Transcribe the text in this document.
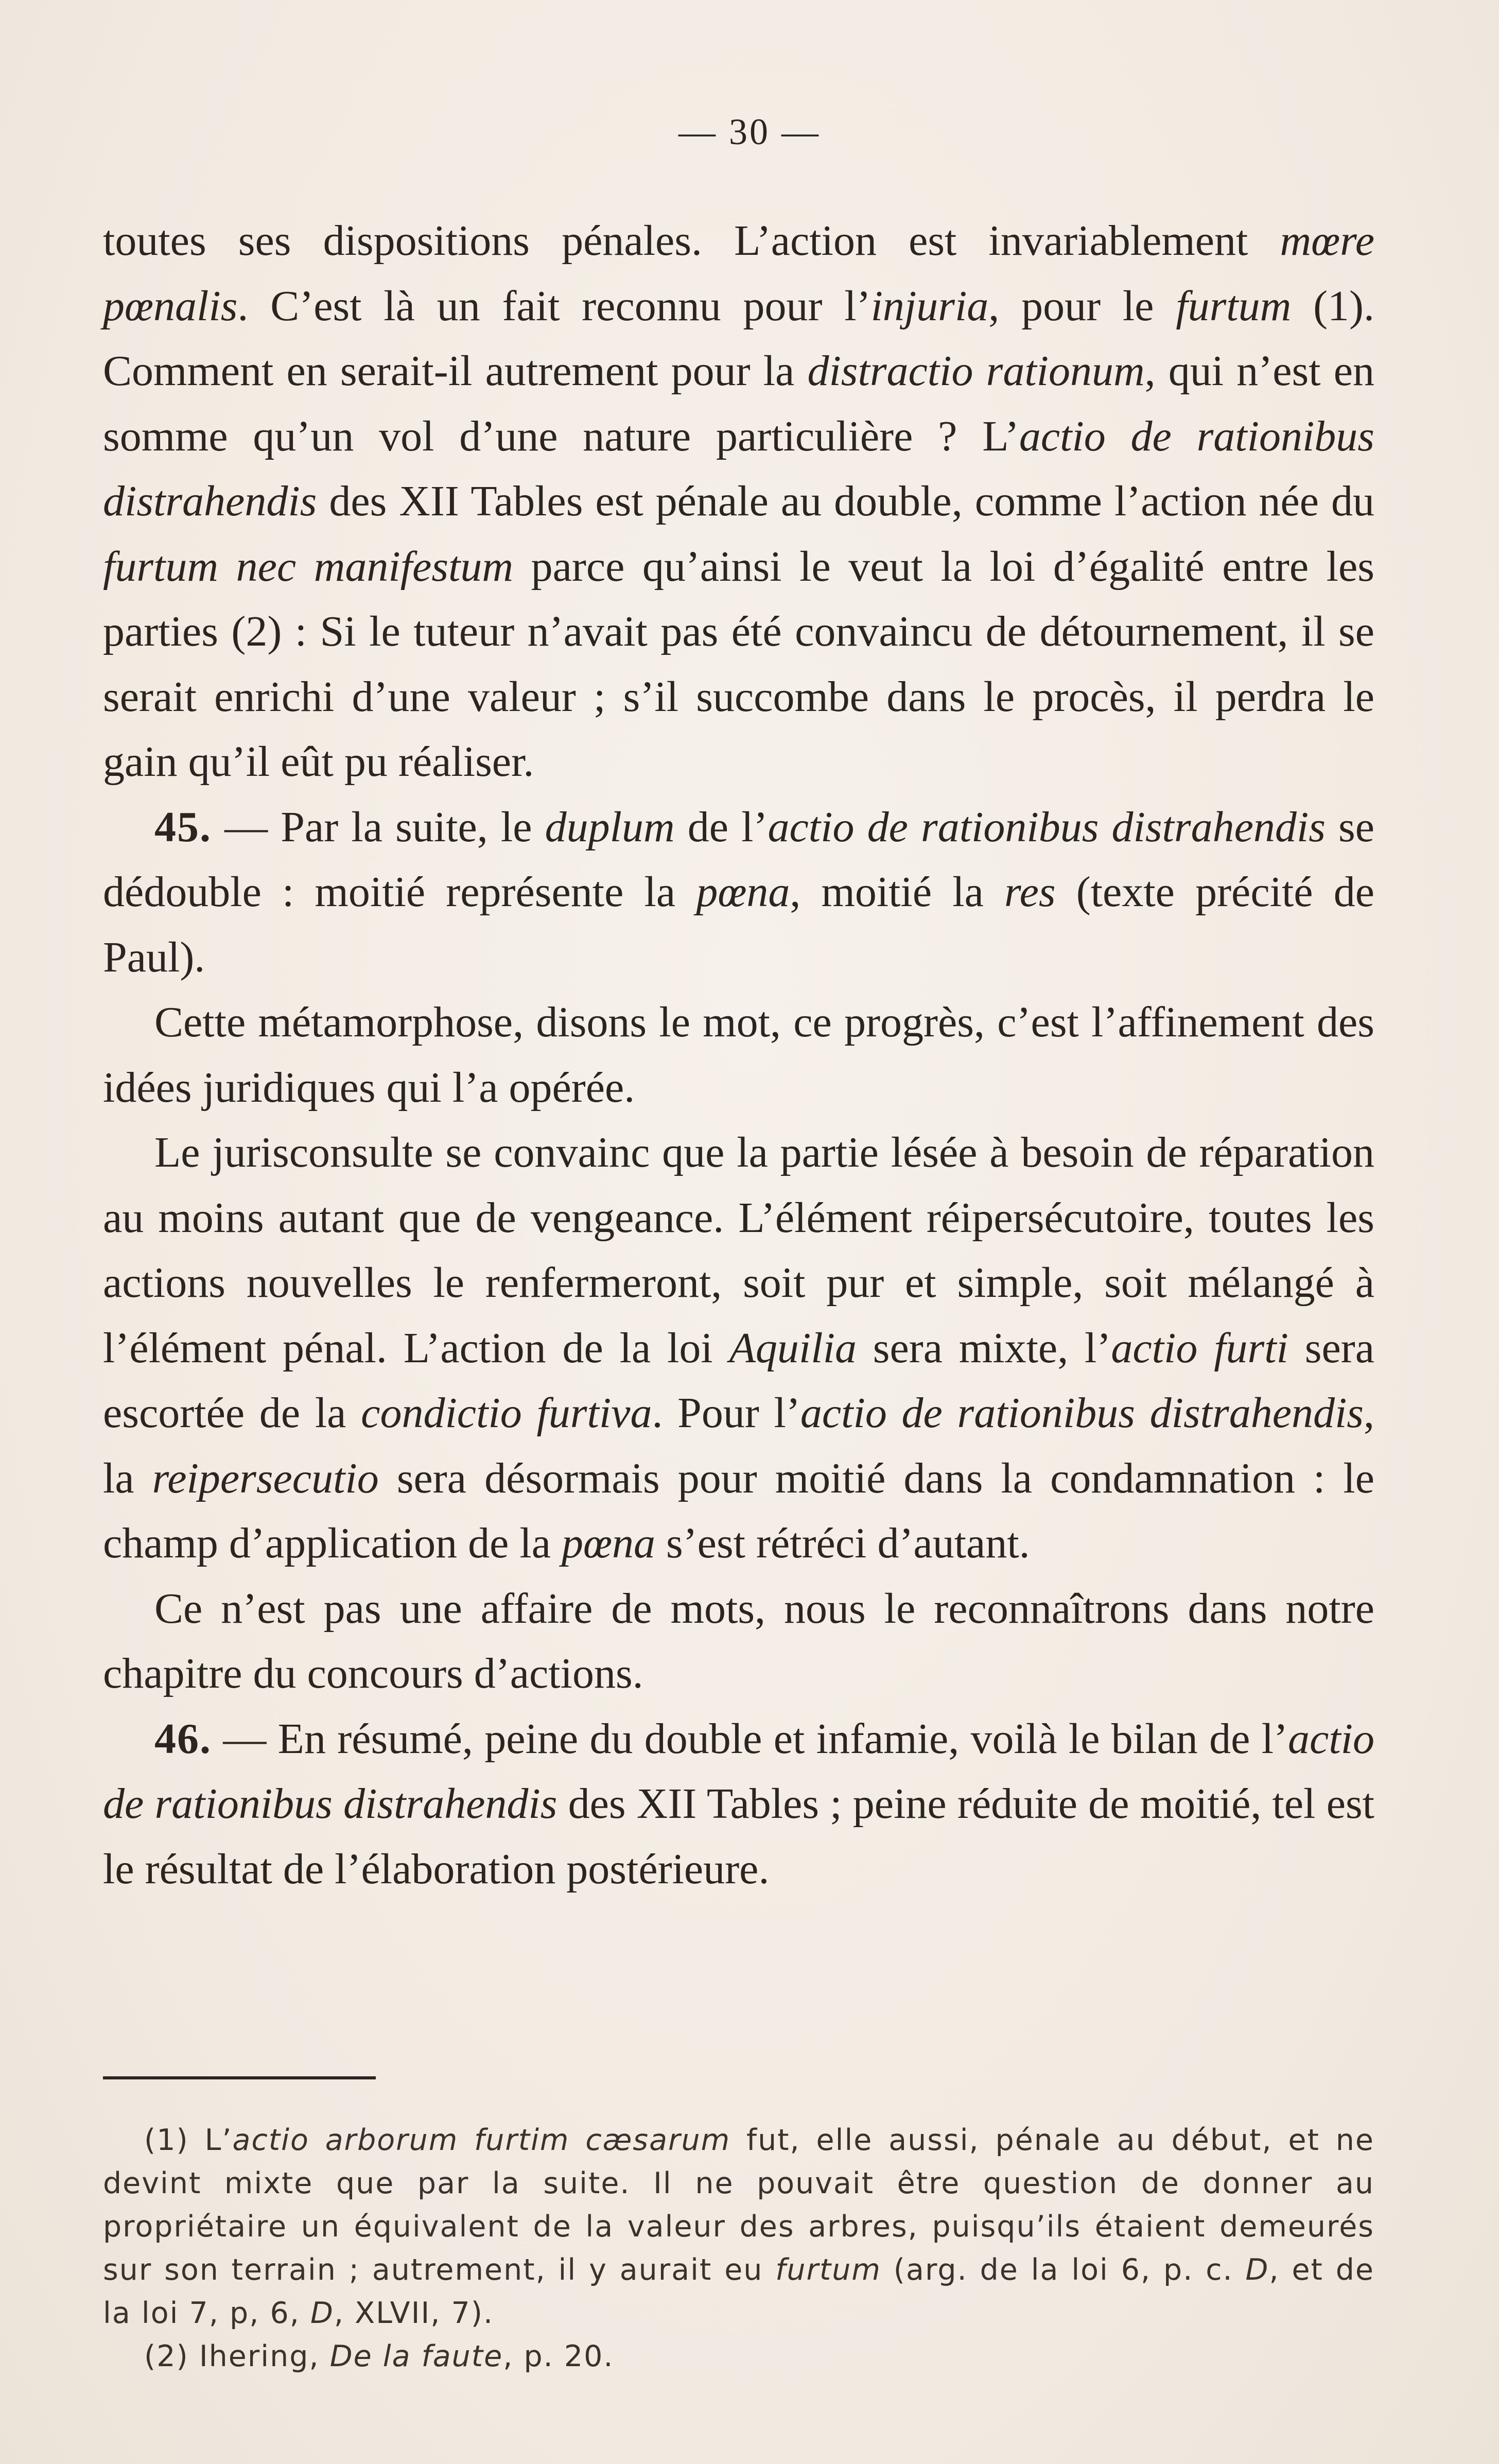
— 30 —

toutes ses dispositions pénales. L’action est invariablement mœre pœnalis. C’est là un fait reconnu pour l’injuria, pour le furtum (1). Comment en serait-il autrement pour la distractio rationum, qui n’est en somme qu’un vol d’une nature particulière ? L’actio de rationibus distrahendis des XII Tables est pénale au double, comme l’action née du furtum nec manifestum parce qu’ainsi le veut la loi d’égalité entre les parties (2) : Si le tuteur n’avait pas été convaincu de détournement, il se serait enrichi d’une valeur ; s’il succombe dans le procès, il perdra le gain qu’il eût pu réaliser.

45. — Par la suite, le duplum de l’actio de rationibus distrahendis se dédouble : moitié représente la pœna, moitié la res (texte précité de Paul).

Cette métamorphose, disons le mot, ce progrès, c’est l’affinement des idées juridiques qui l’a opérée.

Le jurisconsulte se convainc que la partie lésée à besoin de réparation au moins autant que de vengeance. L’élément réipersécutoire, toutes les actions nouvelles le renfermeront, soit pur et simple, soit mélangé à l’élément pénal. L’action de la loi Aquilia sera mixte, l’actio furti sera escortée de la condictio furtiva. Pour l’actio de rationibus distrahendis, la reipersecutio sera désormais pour moitié dans la condamnation : le champ d’application de la pœna s’est rétréci d’autant.

Ce n’est pas une affaire de mots, nous le reconnaîtrons dans notre chapitre du concours d’actions.

46. — En résumé, peine du double et infamie, voilà le bilan de l’actio de rationibus distrahendis des XII Tables ; peine réduite de moitié, tel est le résultat de l’élaboration postérieure.

(1) L’actio arborum furtim cæsarum fut, elle aussi, pénale au début, et ne devint mixte que par la suite. Il ne pouvait être question de donner au propriétaire un équivalent de la valeur des arbres, puisqu’ils étaient demeurés sur son terrain ; autrement, il y aurait eu furtum (arg. de la loi 6, p. c. D, et de la loi 7, p, 6, D, XLVII, 7).

(2) Ihering, De la faute, p. 20.
